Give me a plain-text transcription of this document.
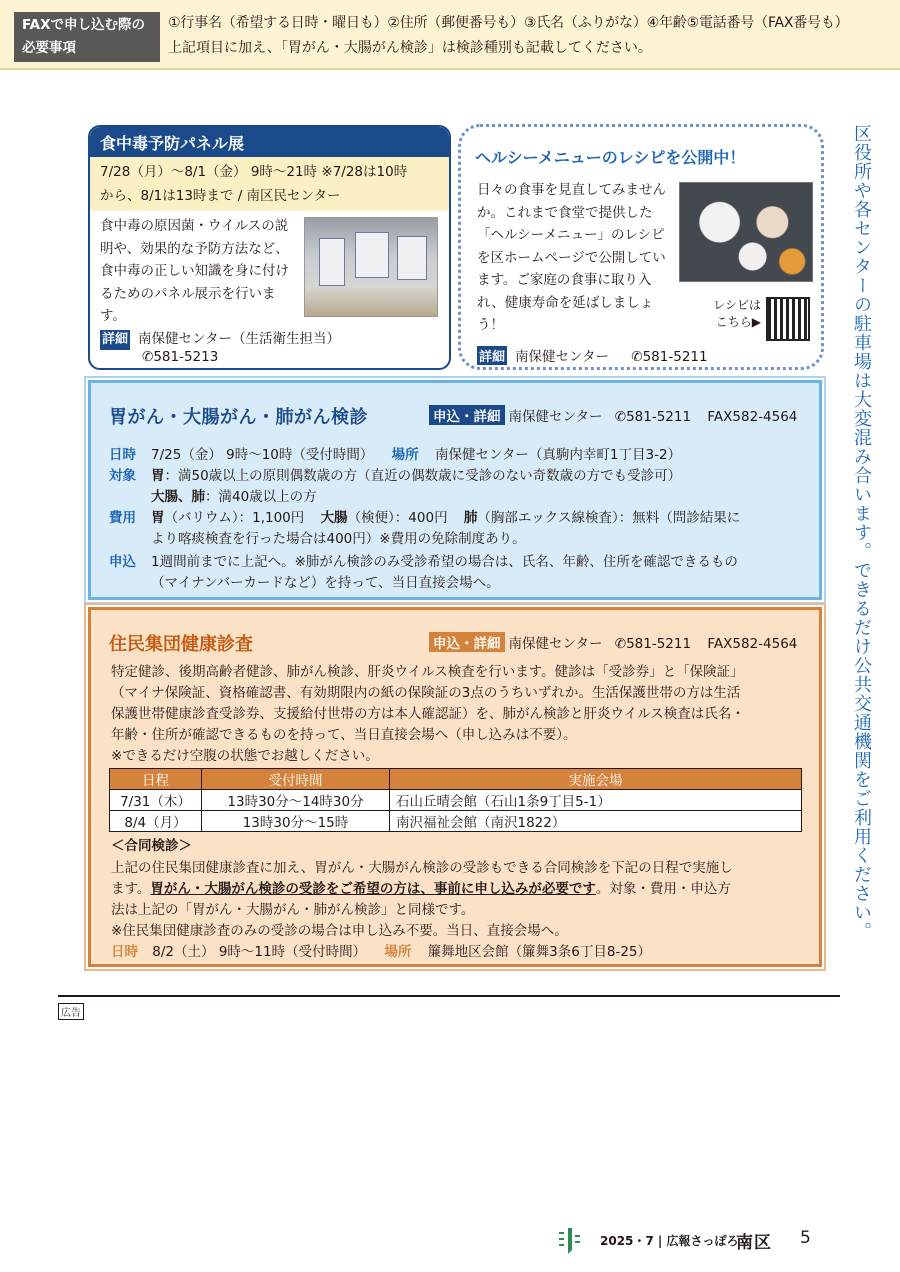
FAXで申し込む際の
必要事項
①行事名（希望する日時・曜日も）②住所（郵便番号も）③氏名（ふりがな）④年齢⑤電話番号（FAX番号も）
上記項目に加え、「胃がん・大腸がん検診」は検診種別も記載してください。
食中毒予防パネル展
7/28（月）〜8/1（金） 9時〜21時 ※7/28は10時
から、8/1は13時まで / 南区民センター
食中毒の原因菌・ウイルスの説明や、効果的な予防方法など、食中毒の正しい知識を身に付けるためのパネル展示を行います。
詳細 南保健センター（生活衛生担当）
✆581-5213
ヘルシーメニューのレシピを公開中！
日々の食事を見直してみませんか。これまで食堂で提供した「ヘルシーメニュー」のレシピを区ホームページで公開しています。ご家庭の食事に取り入れ、健康寿命を延ばしましょう！
レシピは
こちら▶
詳細 南保健センター ✆581-5211
胃がん・大腸がん・肺がん検診	申込・詳細 南保健センター ✆581-5211 FAX582-4564
日時 7/25（金） 9時〜10時（受付時間） 場所 南保健センター（真駒内幸町1丁目3-2）
対象 胃：満50歳以上の原則偶数歳の方（直近の偶数歳に受診のない奇数歳の方でも受診可）
大腸、肺：満40歳以上の方
費用 胃（バリウム）：1,100円 大腸（検便）：400円 肺（胸部エックス線検査）：無料（問診結果に
より喀痰検査を行った場合は400円）※費用の免除制度あり。
申込 1週間前までに上記へ。※肺がん検診のみ受診希望の場合は、氏名、年齢、住所を確認できるもの
（マイナンバーカードなど）を持って、当日直接会場へ。
住民集団健康診査	申込・詳細 南保健センター ✆581-5211 FAX582-4564
特定健診、後期高齢者健診、肺がん検診、肝炎ウイルス検査を行います。健診は「受診券」と「保険証」
（マイナ保険証、資格確認書、有効期限内の紙の保険証の3点のうちいずれか。生活保護世帯の方は生活
保護世帯健康診査受診券、支援給付世帯の方は本人確認証）を、肺がん検診と肝炎ウイルス検査は氏名・
年齢・住所が確認できるものを持って、当日直接会場へ（申し込みは不要）。
※できるだけ空腹の状態でお越しください。
日程	受付時間	実施会場
7/31（木）	13時30分〜14時30分	石山丘晴会館（石山1条9丁目5-1）
8/4（月）	13時30分〜15時	南沢福祉会館（南沢1822）
＜合同検診＞
上記の住民集団健康診査に加え、胃がん・大腸がん検診の受診もできる合同検診を下記の日程で実施し
ます。胃がん・大腸がん検診の受診をご希望の方は、事前に申し込みが必要です。対象・費用・申込方
法は上記の「胃がん・大腸がん・肺がん検診」と同様です。
※住民集団健康診査のみの受診の場合は申し込み不要。当日、直接会場へ。
日時 8/2（土） 9時〜11時（受付時間） 場所 簾舞地区会館（簾舞3条6丁目8-25）
区役所や各センターの駐車場は大変混み合います。できるだけ公共交通機関をご利用ください。
広告
2025・7 | 広報さっぽろ
南区 5
